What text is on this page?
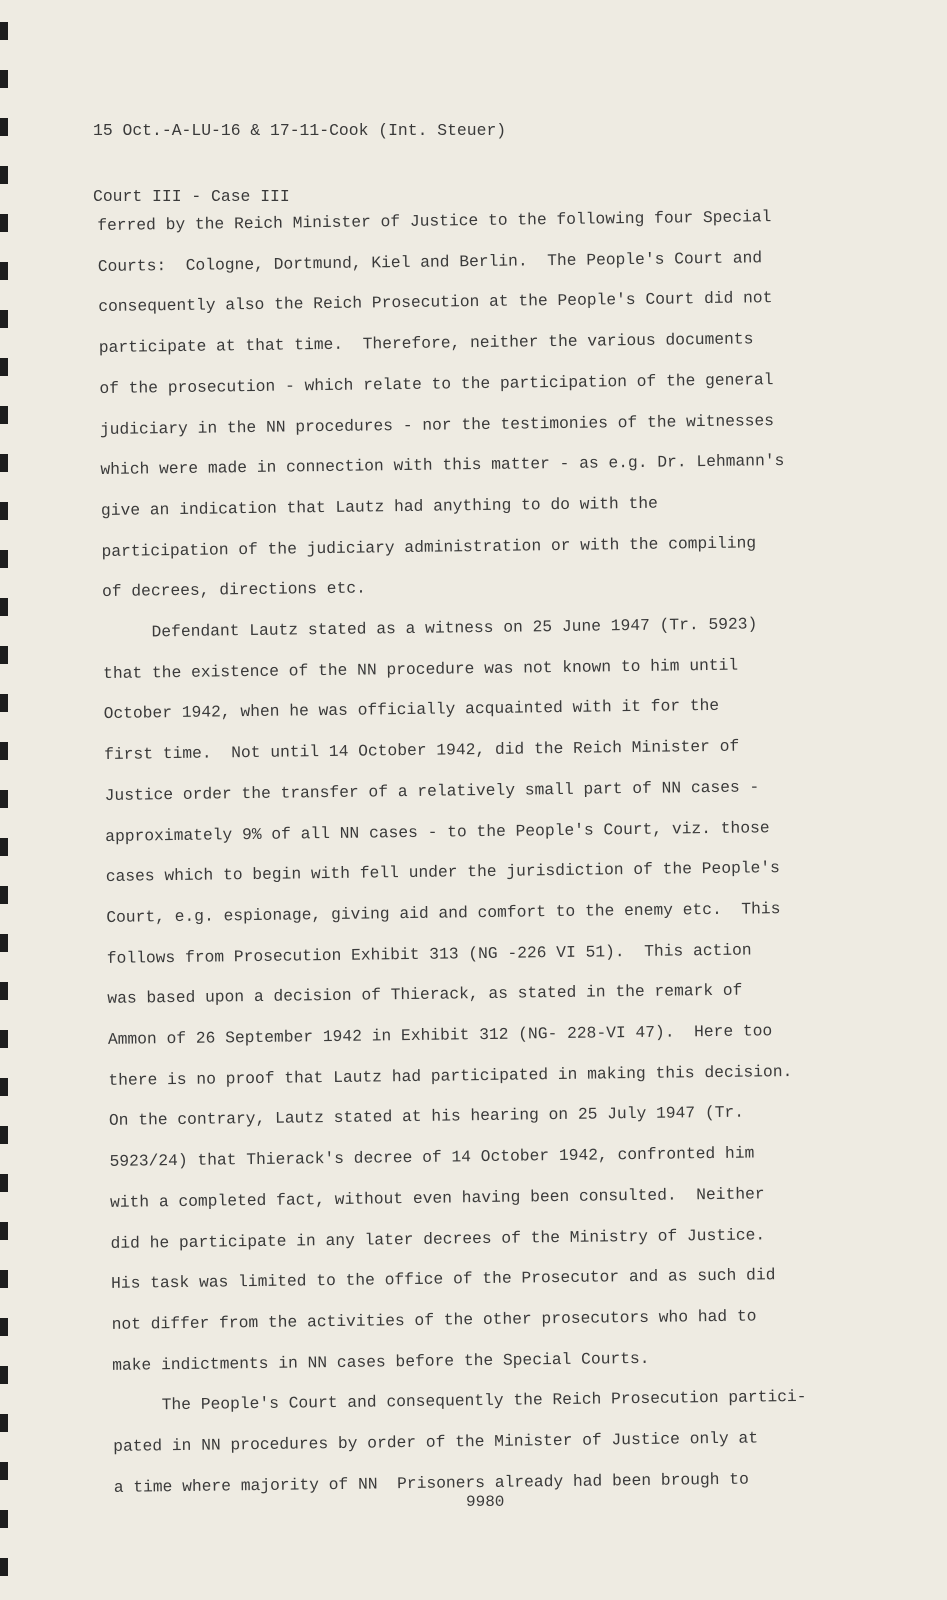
15 Oct.-A-LU-16 & 17-11-Cook (Int. Steuer)

Court III - Case III

ferred by the Reich Minister of Justice to the following four Special
Courts:  Cologne, Dortmund, Kiel and Berlin.  The People's Court and
consequently also the Reich Prosecution at the People's Court did not
participate at that time.  Therefore, neither the various documents
of the prosecution - which relate to the participation of the general
judiciary in the NN procedures - nor the testimonies of the witnesses
which were made in connection with this matter - as e.g. Dr. Lehmann's
give an indication that Lautz had anything to do with the
participation of the judiciary administration or with the compiling
of decrees, directions etc.
Defendant Lautz stated as a witness on 25 June 1947 (Tr. 5923)
that the existence of the NN procedure was not known to him until
October 1942, when he was officially acquainted with it for the
first time.  Not until 14 October 1942, did the Reich Minister of
Justice order the transfer of a relatively small part of NN cases -
approximately 9% of all NN cases - to the People's Court, viz. those
cases which to begin with fell under the jurisdiction of the People's
Court, e.g. espionage, giving aid and comfort to the enemy etc.  This
follows from Prosecution Exhibit 313 (NG -226 VI 51).  This action
was based upon a decision of Thierack, as stated in the remark of
Ammon of 26 September 1942 in Exhibit 312 (NG- 228-VI 47).  Here too
there is no proof that Lautz had participated in making this decision.
On the contrary, Lautz stated at his hearing on 25 July 1947 (Tr.
5923/24) that Thierack's decree of 14 October 1942, confronted him
with a completed fact, without even having been consulted.  Neither
did he participate in any later decrees of the Ministry of Justice.
His task was limited to the office of the Prosecutor and as such did
not differ from the activities of the other prosecutors who had to
make indictments in NN cases before the Special Courts.
The People's Court and consequently the Reich Prosecution partici-
pated in NN procedures by order of the Minister of Justice only at
a time where majority of NN  Prisoners already had been brough to
9980
